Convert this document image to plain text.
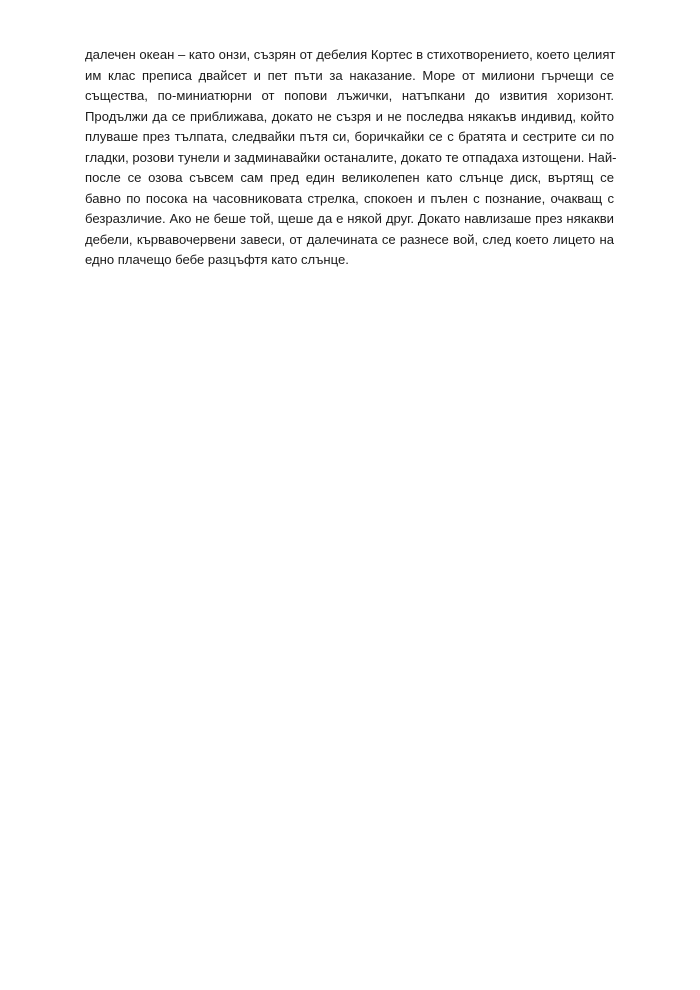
далечен океан – като онзи, съзрян от дебелия Кортес в стихотворението, което целият
им клас преписа двайсет и пет пъти за наказание. Море от милиони гърчещи се
същества, по-миниатюрни от попови лъжички, натъпкани до извития хоризонт.
Продължи да се приближава, докато не съзря и не последва някакъв индивид, който
плуваше през тълпата, следвайки пътя си, боричкайки се с братята и сестрите си по
гладки, розови тунели и задминавайки останалите, докато те отпадаха изтощени. Най-
после се озова съвсем сам пред един великолепен като слънце диск, въртящ се
бавно по посока на часовниковата стрелка, спокоен и пълен с познание, очакващ с
безразличие. Ако не беше той, щеше да е някой друг. Докато навлизаше през някакви
дебели, кървавочервени завеси, от далечината се разнесе вой, след което лицето на
едно плачещо бебе разцъфтя като слънце.
